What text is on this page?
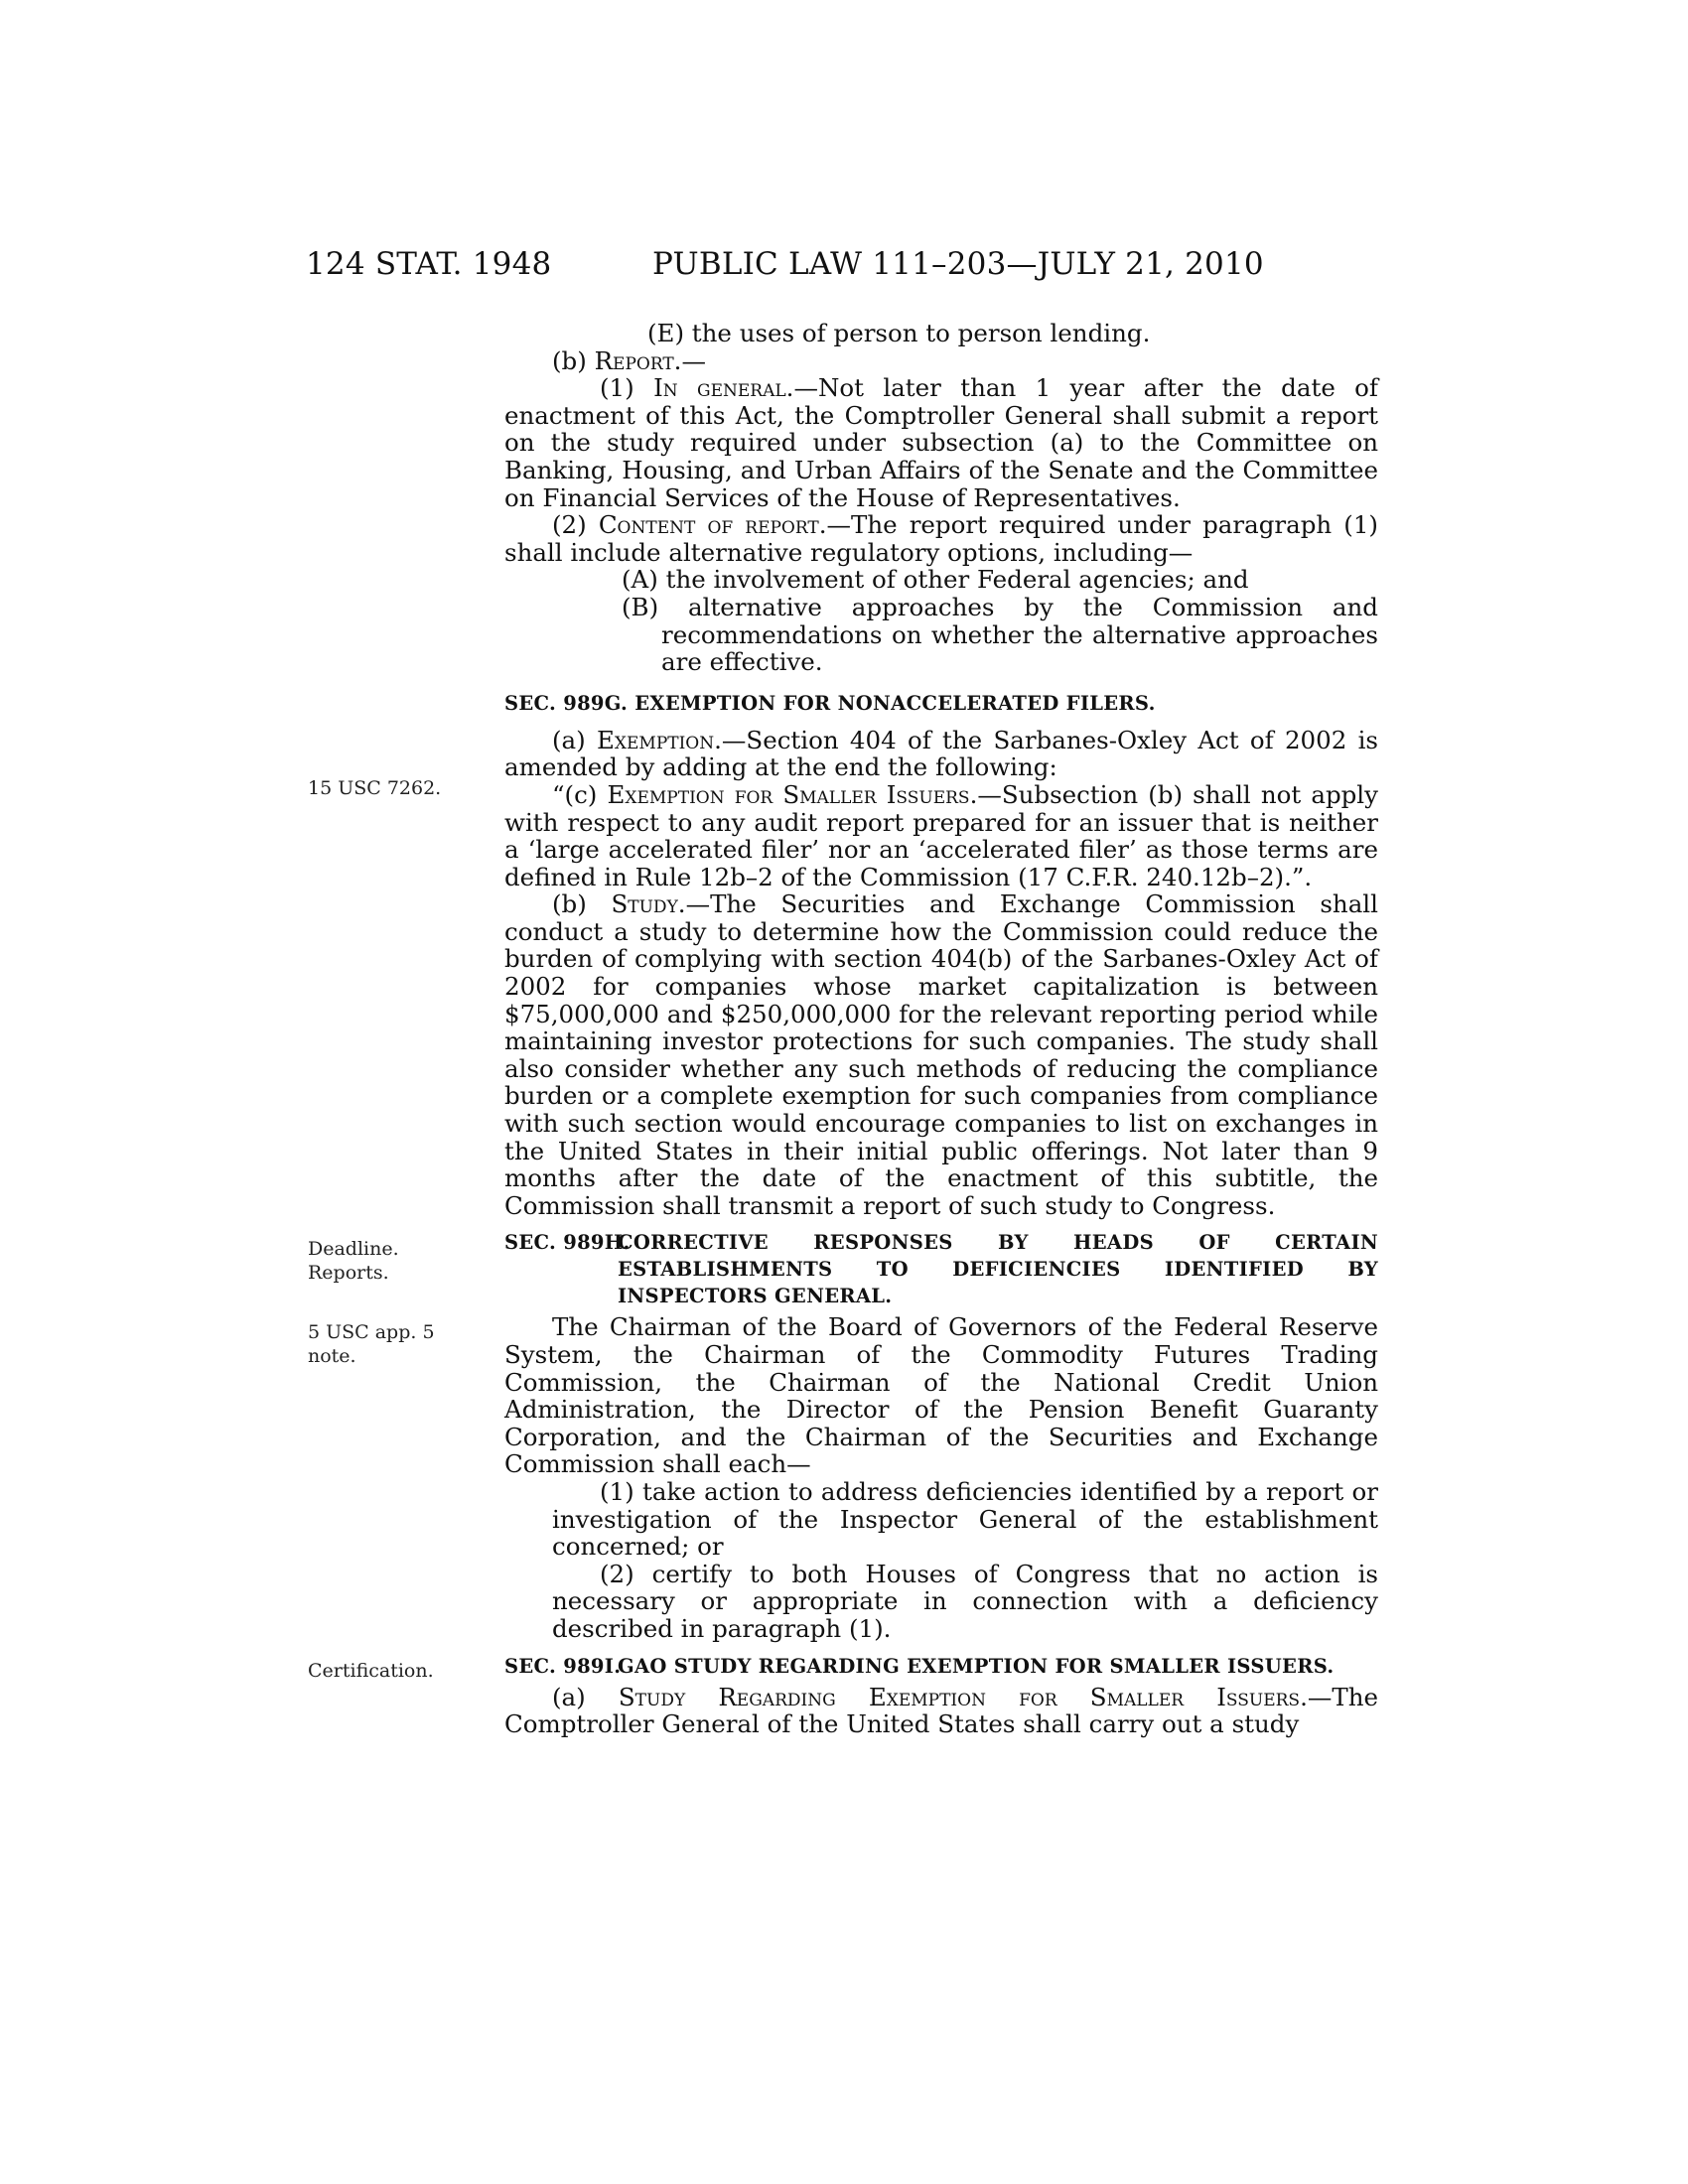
124 STAT. 1948	PUBLIC LAW 111–203—JULY 21, 2010
15 USC 7262.
Deadline.
Reports.
5 USC app. 5
note.
Certification.

(E) the uses of person to person lending.

(b) Report.—

(1) In general.—Not later than 1 year after the date of enactment of this Act, the Comptroller General shall submit a report on the study required under subsection (a) to the Committee on Banking, Housing, and Urban Affairs of the Senate and the Committee on Financial Services of the House of Representatives.

(2) Content of report.—The report required under paragraph (1) shall include alternative regulatory options, including—

(A) the involvement of other Federal agencies; and

(B) alternative approaches by the Commission and recommendations on whether the alternative approaches are effective.

SEC. 989G. EXEMPTION FOR NONACCELERATED FILERS.

(a) Exemption.—Section 404 of the Sarbanes-Oxley Act of 2002 is amended by adding at the end the following:

“(c) Exemption for Smaller Issuers.—Subsection (b) shall not apply with respect to any audit report prepared for an issuer that is neither a ‘large accelerated filer’ nor an ‘accelerated filer’ as those terms are defined in Rule 12b–2 of the Commission (17 C.F.R. 240.12b–2).”.

(b) Study.—The Securities and Exchange Commission shall conduct a study to determine how the Commission could reduce the burden of complying with section 404(b) of the Sarbanes-Oxley Act of 2002 for companies whose market capitalization is between $75,000,000 and $250,000,000 for the relevant reporting period while maintaining investor protections for such companies. The study shall also consider whether any such methods of reducing the compliance burden or a complete exemption for such companies from compliance with such section would encourage companies to list on exchanges in the United States in their initial public offerings. Not later than 9 months after the date of the enactment of this subtitle, the Commission shall transmit a report of such study to Congress.

SEC. 989H.
CORRECTIVE RESPONSES BY HEADS OF CERTAIN ESTABLISHMENTS TO DEFICIENCIES IDENTIFIED BY INSPECTORS GENERAL.

The Chairman of the Board of Governors of the Federal Reserve System, the Chairman of the Commodity Futures Trading Commission, the Chairman of the National Credit Union Administration, the Director of the Pension Benefit Guaranty Corporation, and the Chairman of the Securities and Exchange Commission shall each—

(1) take action to address deficiencies identified by a report or investigation of the Inspector General of the establishment concerned; or

(2) certify to both Houses of Congress that no action is necessary or appropriate in connection with a deficiency described in paragraph (1).

SEC. 989I.
GAO STUDY REGARDING EXEMPTION FOR SMALLER ISSUERS.

(a) Study Regarding Exemption for Smaller Issuers.—The Comptroller General of the United States shall carry out a study
